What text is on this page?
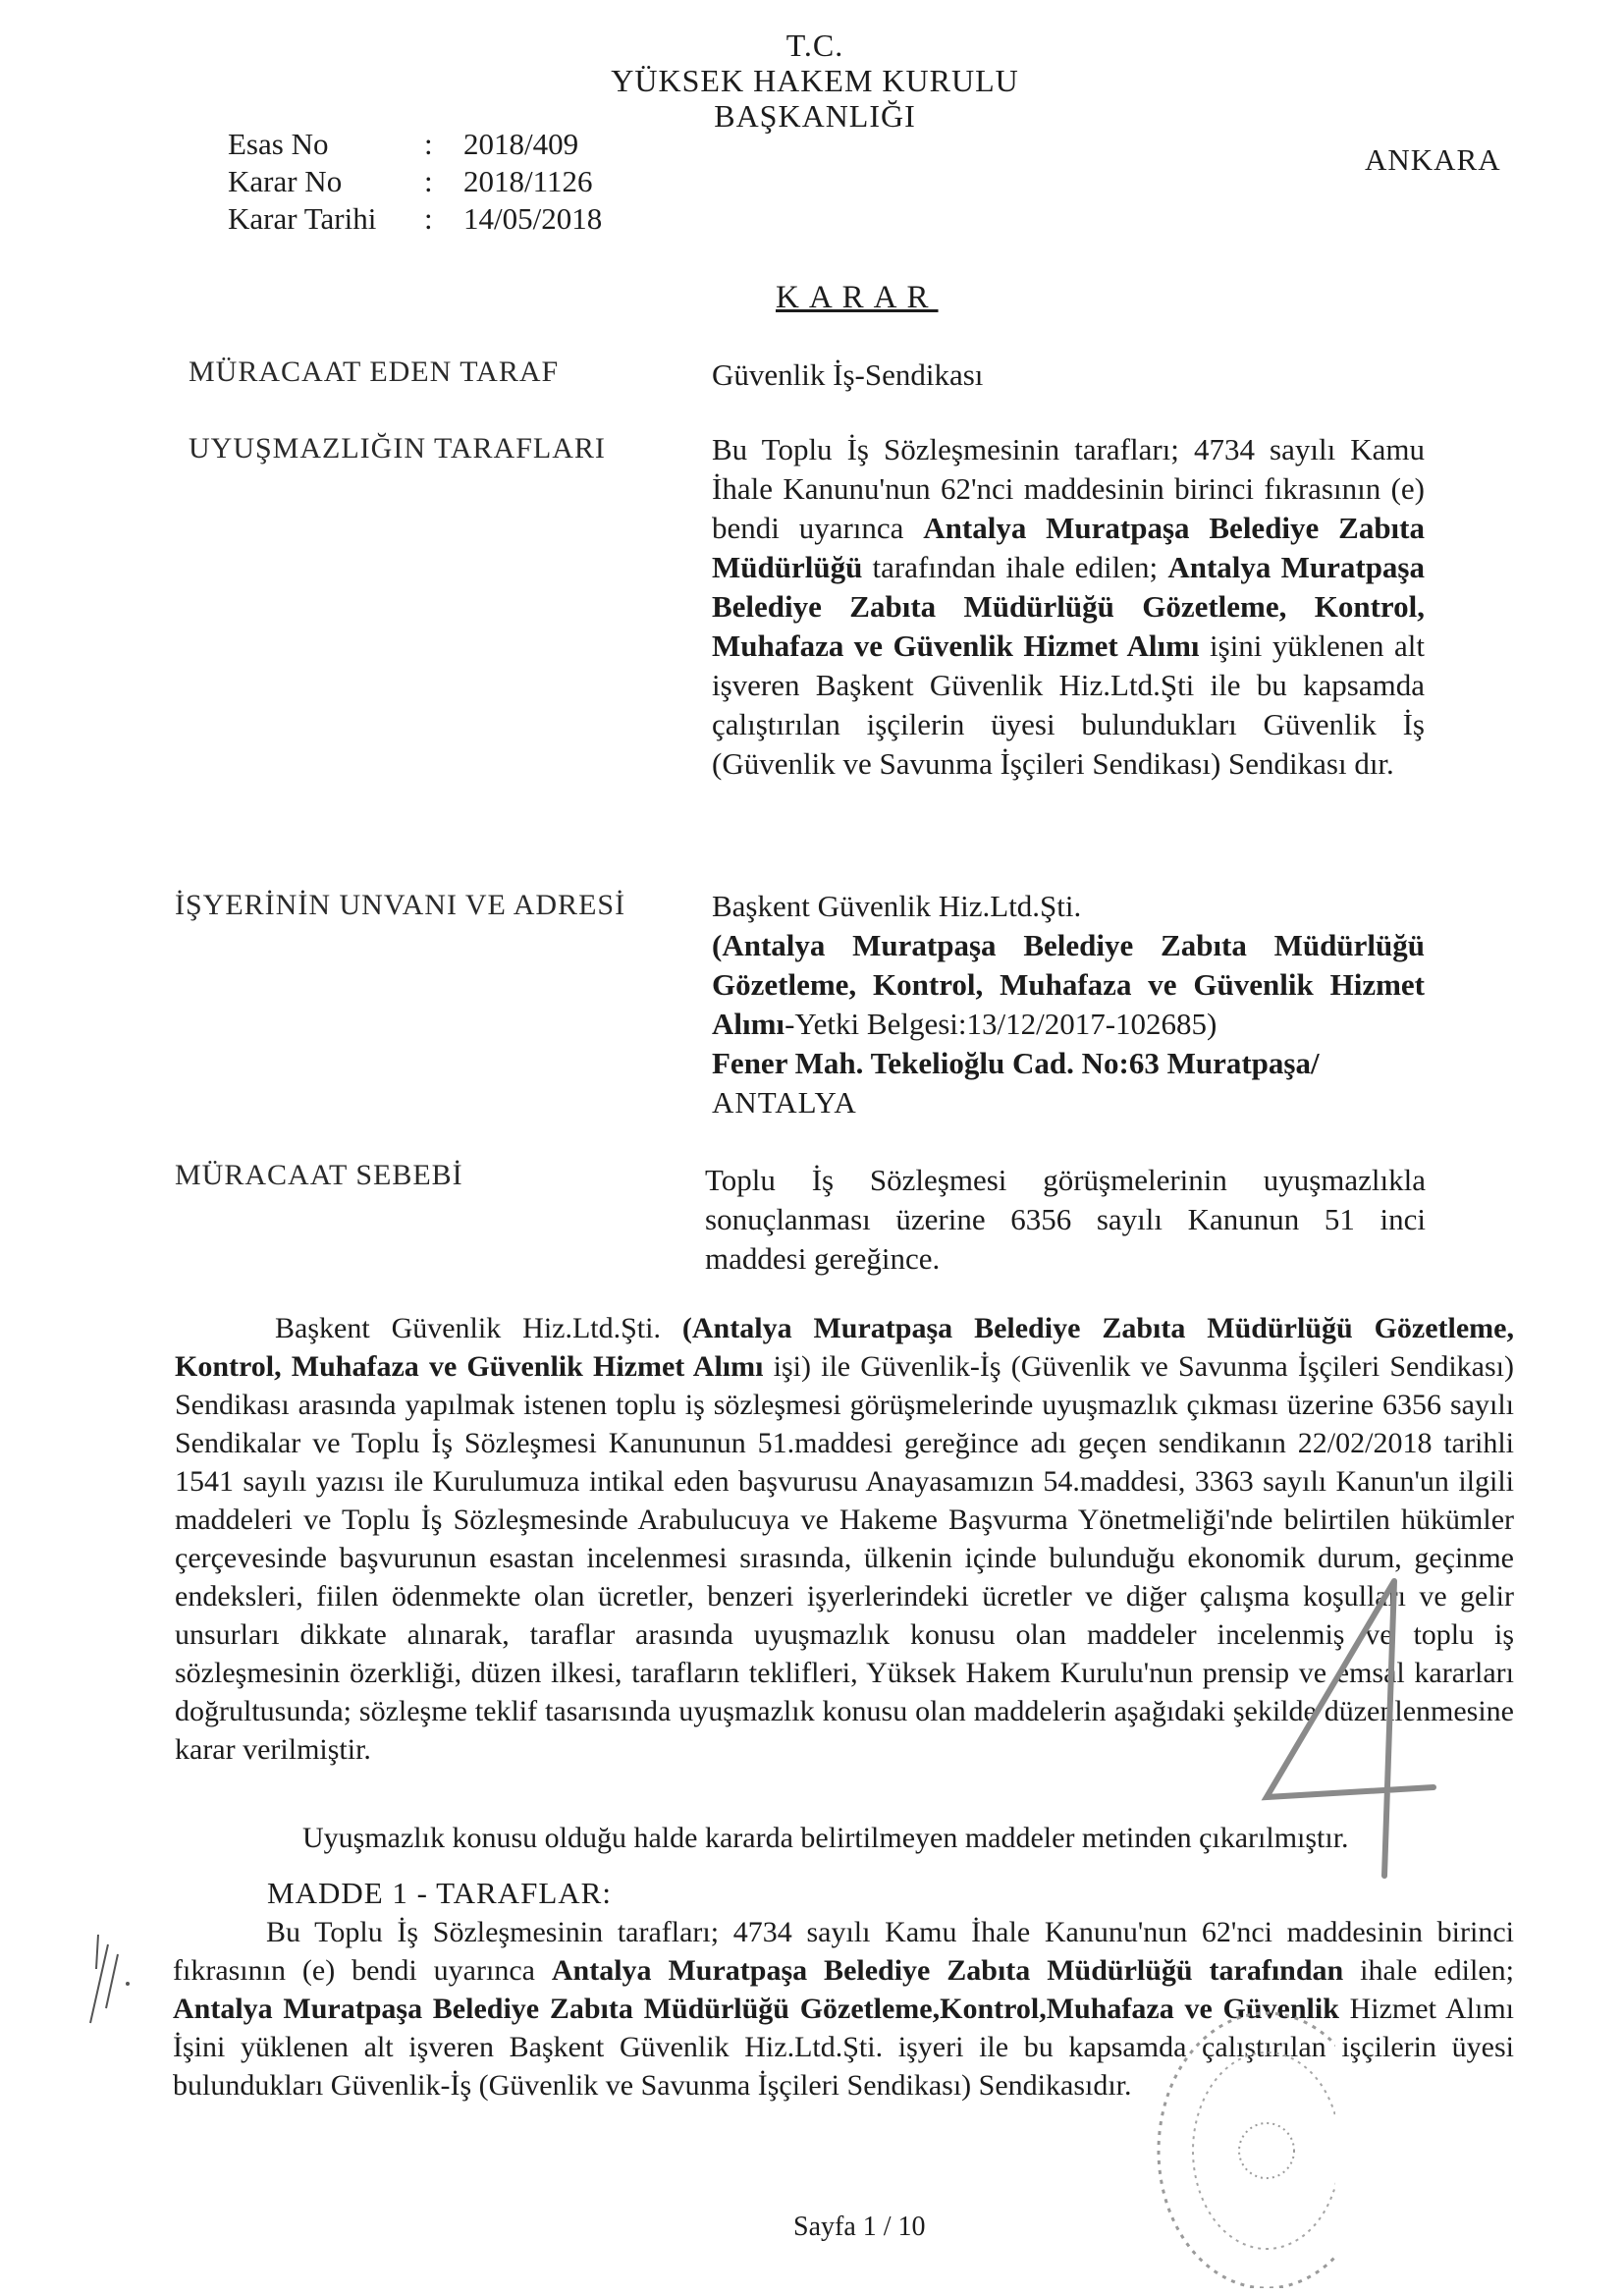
T.C.
YÜKSEK HAKEM KURULU
BAŞKANLIĞI
ANKARA
Esas No	:	2018/409
Karar No	:	2018/1126
Karar Tarihi	:	14/05/2018
KARAR
MÜRACAAT EDEN TARAF	Güvenlik İş-Sendikası
UYUŞMAZLIĞIN TARAFLARI	Bu Toplu İş Sözleşmesinin tarafları; 4734 sayılı Kamu İhale Kanunu'nun 62'nci maddesinin birinci fıkrasının (e) bendi uyarınca Antalya Muratpaşa Belediye Zabıta Müdürlüğü tarafından ihale edilen; Antalya Muratpaşa Belediye Zabıta Müdürlüğü Gözetleme, Kontrol, Muhafaza ve Güvenlik Hizmet Alımı işini yüklenen alt işveren Başkent Güvenlik Hiz.Ltd.Şti ile bu kapsamda çalıştırılan işçilerin üyesi bulundukları Güvenlik İş (Güvenlik ve Savunma İşçileri Sendikası) Sendikası dır.
İŞYERİNİN UNVANI VE ADRESİ	Başkent Güvenlik Hiz.Ltd.Şti.
(Antalya Muratpaşa Belediye Zabıta Müdürlüğü Gözetleme, Kontrol, Muhafaza ve Güvenlik Hizmet Alımı-Yetki Belgesi:13/12/2017-102685)
Fener Mah. Tekelioğlu Cad. No:63 Muratpaşa/
ANTALYA
MÜRACAAT SEBEBİ	Toplu İş Sözleşmesi görüşmelerinin uyuşmazlıkla sonuçlanması üzerine 6356 sayılı Kanunun 51 inci maddesi gereğince.
Başkent Güvenlik Hiz.Ltd.Şti. (Antalya Muratpaşa Belediye Zabıta Müdürlüğü Gözetleme, Kontrol, Muhafaza ve Güvenlik Hizmet Alımı işi) ile Güvenlik-İş (Güvenlik ve Savunma İşçileri Sendikası) Sendikası arasında yapılmak istenen toplu iş sözleşmesi görüşmelerinde uyuşmazlık çıkması üzerine 6356 sayılı Sendikalar ve Toplu İş Sözleşmesi Kanununun 51.maddesi gereğince adı geçen sendikanın 22/02/2018 tarihli 1541 sayılı yazısı ile Kurulumuza intikal eden başvurusu Anayasamızın 54.maddesi, 3363 sayılı Kanun'un ilgili maddeleri ve Toplu İş Sözleşmesinde Arabulucuya ve Hakeme Başvurma Yönetmeliği'nde belirtilen hükümler çerçevesinde başvurunun esastan incelenmesi sırasında, ülkenin içinde bulunduğu ekonomik durum, geçinme endeksleri, fiilen ödenmekte olan ücretler, benzeri işyerlerindeki ücretler ve diğer çalışma koşulları ve gelir unsurları dikkate alınarak, taraflar arasında uyuşmazlık konusu olan maddeler incelenmiş ve toplu iş sözleşmesinin özerkliği, düzen ilkesi, tarafların teklifleri, Yüksek Hakem Kurulu'nun prensip ve emsal kararları doğrultusunda; sözleşme teklif tasarısında uyuşmazlık konusu olan maddelerin aşağıdaki şekilde düzenlenmesine karar verilmiştir.
Uyuşmazlık konusu olduğu halde kararda belirtilmeyen maddeler metinden çıkarılmıştır.
MADDE 1 - TARAFLAR:
Bu Toplu İş Sözleşmesinin tarafları; 4734 sayılı Kamu İhale Kanunu'nun 62'nci maddesinin birinci fıkrasının (e) bendi uyarınca Antalya Muratpaşa Belediye Zabıta Müdürlüğü tarafından ihale edilen; Antalya Muratpaşa Belediye Zabıta Müdürlüğü Gözetleme,Kontrol,Muhafaza ve Güvenlik Hizmet Alımı İşini yüklenen alt işveren Başkent Güvenlik Hiz.Ltd.Şti. işyeri ile bu kapsamda çalıştırılan işçilerin üyesi bulundukları Güvenlik-İş (Güvenlik ve Savunma İşçileri Sendikası) Sendikasıdır.
Sayfa 1 / 10
